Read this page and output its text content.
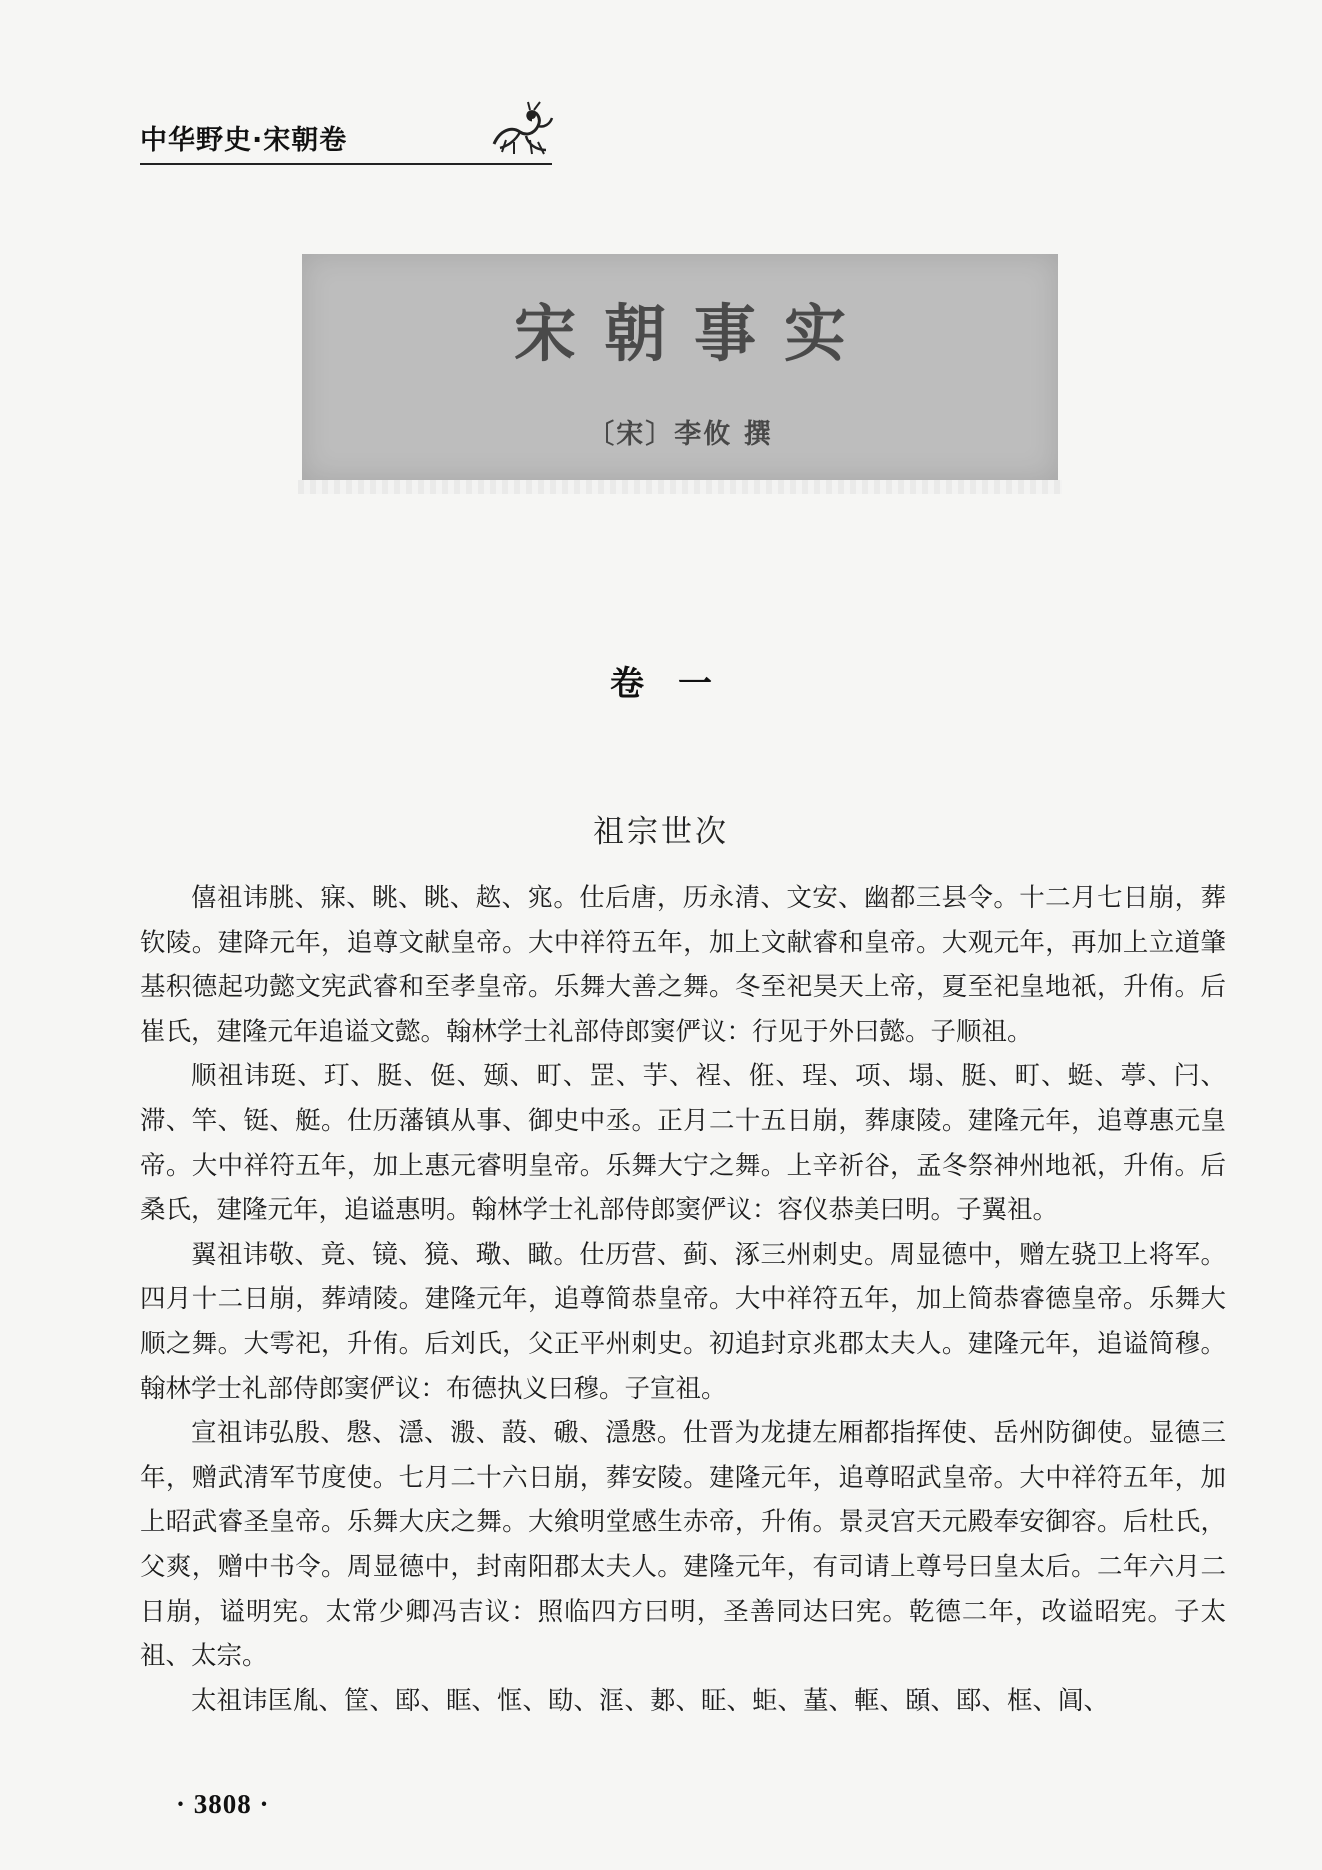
中华野史·宋朝卷
宋朝事实
〔宋〕李攸 撰
卷一
祖宗世次

僖祖讳朓、寐、眺、眺、趑、宨。仕后唐，历永清、文安、幽都三县令。十二月七日崩，葬钦陵。建降元年，追尊文献皇帝。大中祥符五年，加上文献睿和皇帝。大观元年，再加上立道肇基积德起功懿文宪武睿和至孝皇帝。乐舞大善之舞。冬至祀昊天上帝，夏至祀皇地祇，升侑。后崔氏，建隆元年追谥文懿。翰林学士礼部侍郎窦俨议：行见于外曰懿。子顺祖。

顺祖讳珽、玎、脡、侹、颋、町、罡、芋、裎、俇、珵、项、塌、脡、町、蜓、葶、闩、滞、竿、铤、艇。仕历藩镇从事、御史中丞。正月二十五日崩，葬康陵。建隆元年，追尊惠元皇帝。大中祥符五年，加上惠元睿明皇帝。乐舞大宁之舞。上辛祈谷，孟冬祭神州地祇，升侑。后桑氏，建隆元年，追谥惠明。翰林学士礼部侍郎窦俨议：容仪恭美曰明。子翼祖。

翼祖讳敬、竟、镜、獍、璥、瞰。仕历营、蓟、涿三州刺史。周显德中，赠左骁卫上将军。四月十二日崩，葬靖陵。建隆元年，追尊简恭皇帝。大中祥符五年，加上简恭睿德皇帝。乐舞大顺之舞。大雩祀，升侑。后刘氏，父正平州刺史。初追封京兆郡太夫人。建隆元年，追谥简穆。翰林学士礼部侍郎窦俨议：布德执义曰穆。子宣祖。

宣祖讳弘殷、慇、濦、溵、蔎、磤、濦慇。仕晋为龙捷左厢都指挥使、岳州防御使。显德三年，赠武清军节度使。七月二十六日崩，葬安陵。建隆元年，追尊昭武皇帝。大中祥符五年，加上昭武睿圣皇帝。乐舞大庆之舞。大飨明堂感生赤帝，升侑。景灵宫天元殿奉安御容。后杜氏，父爽，赠中书令。周显德中，封南阳郡太夫人。建隆元年，有司请上尊号曰皇太后。二年六月二日崩，谥明宪。太常少卿冯吉议：照临四方曰明，圣善同达曰宪。乾德二年，改谥昭宪。子太祖、太宗。

太祖讳匡胤、筐、邼、眶、恇、劻、洭、郪、眐、蚷、蓳、軭、頣、邼、框、阊、

· 3808 ·
